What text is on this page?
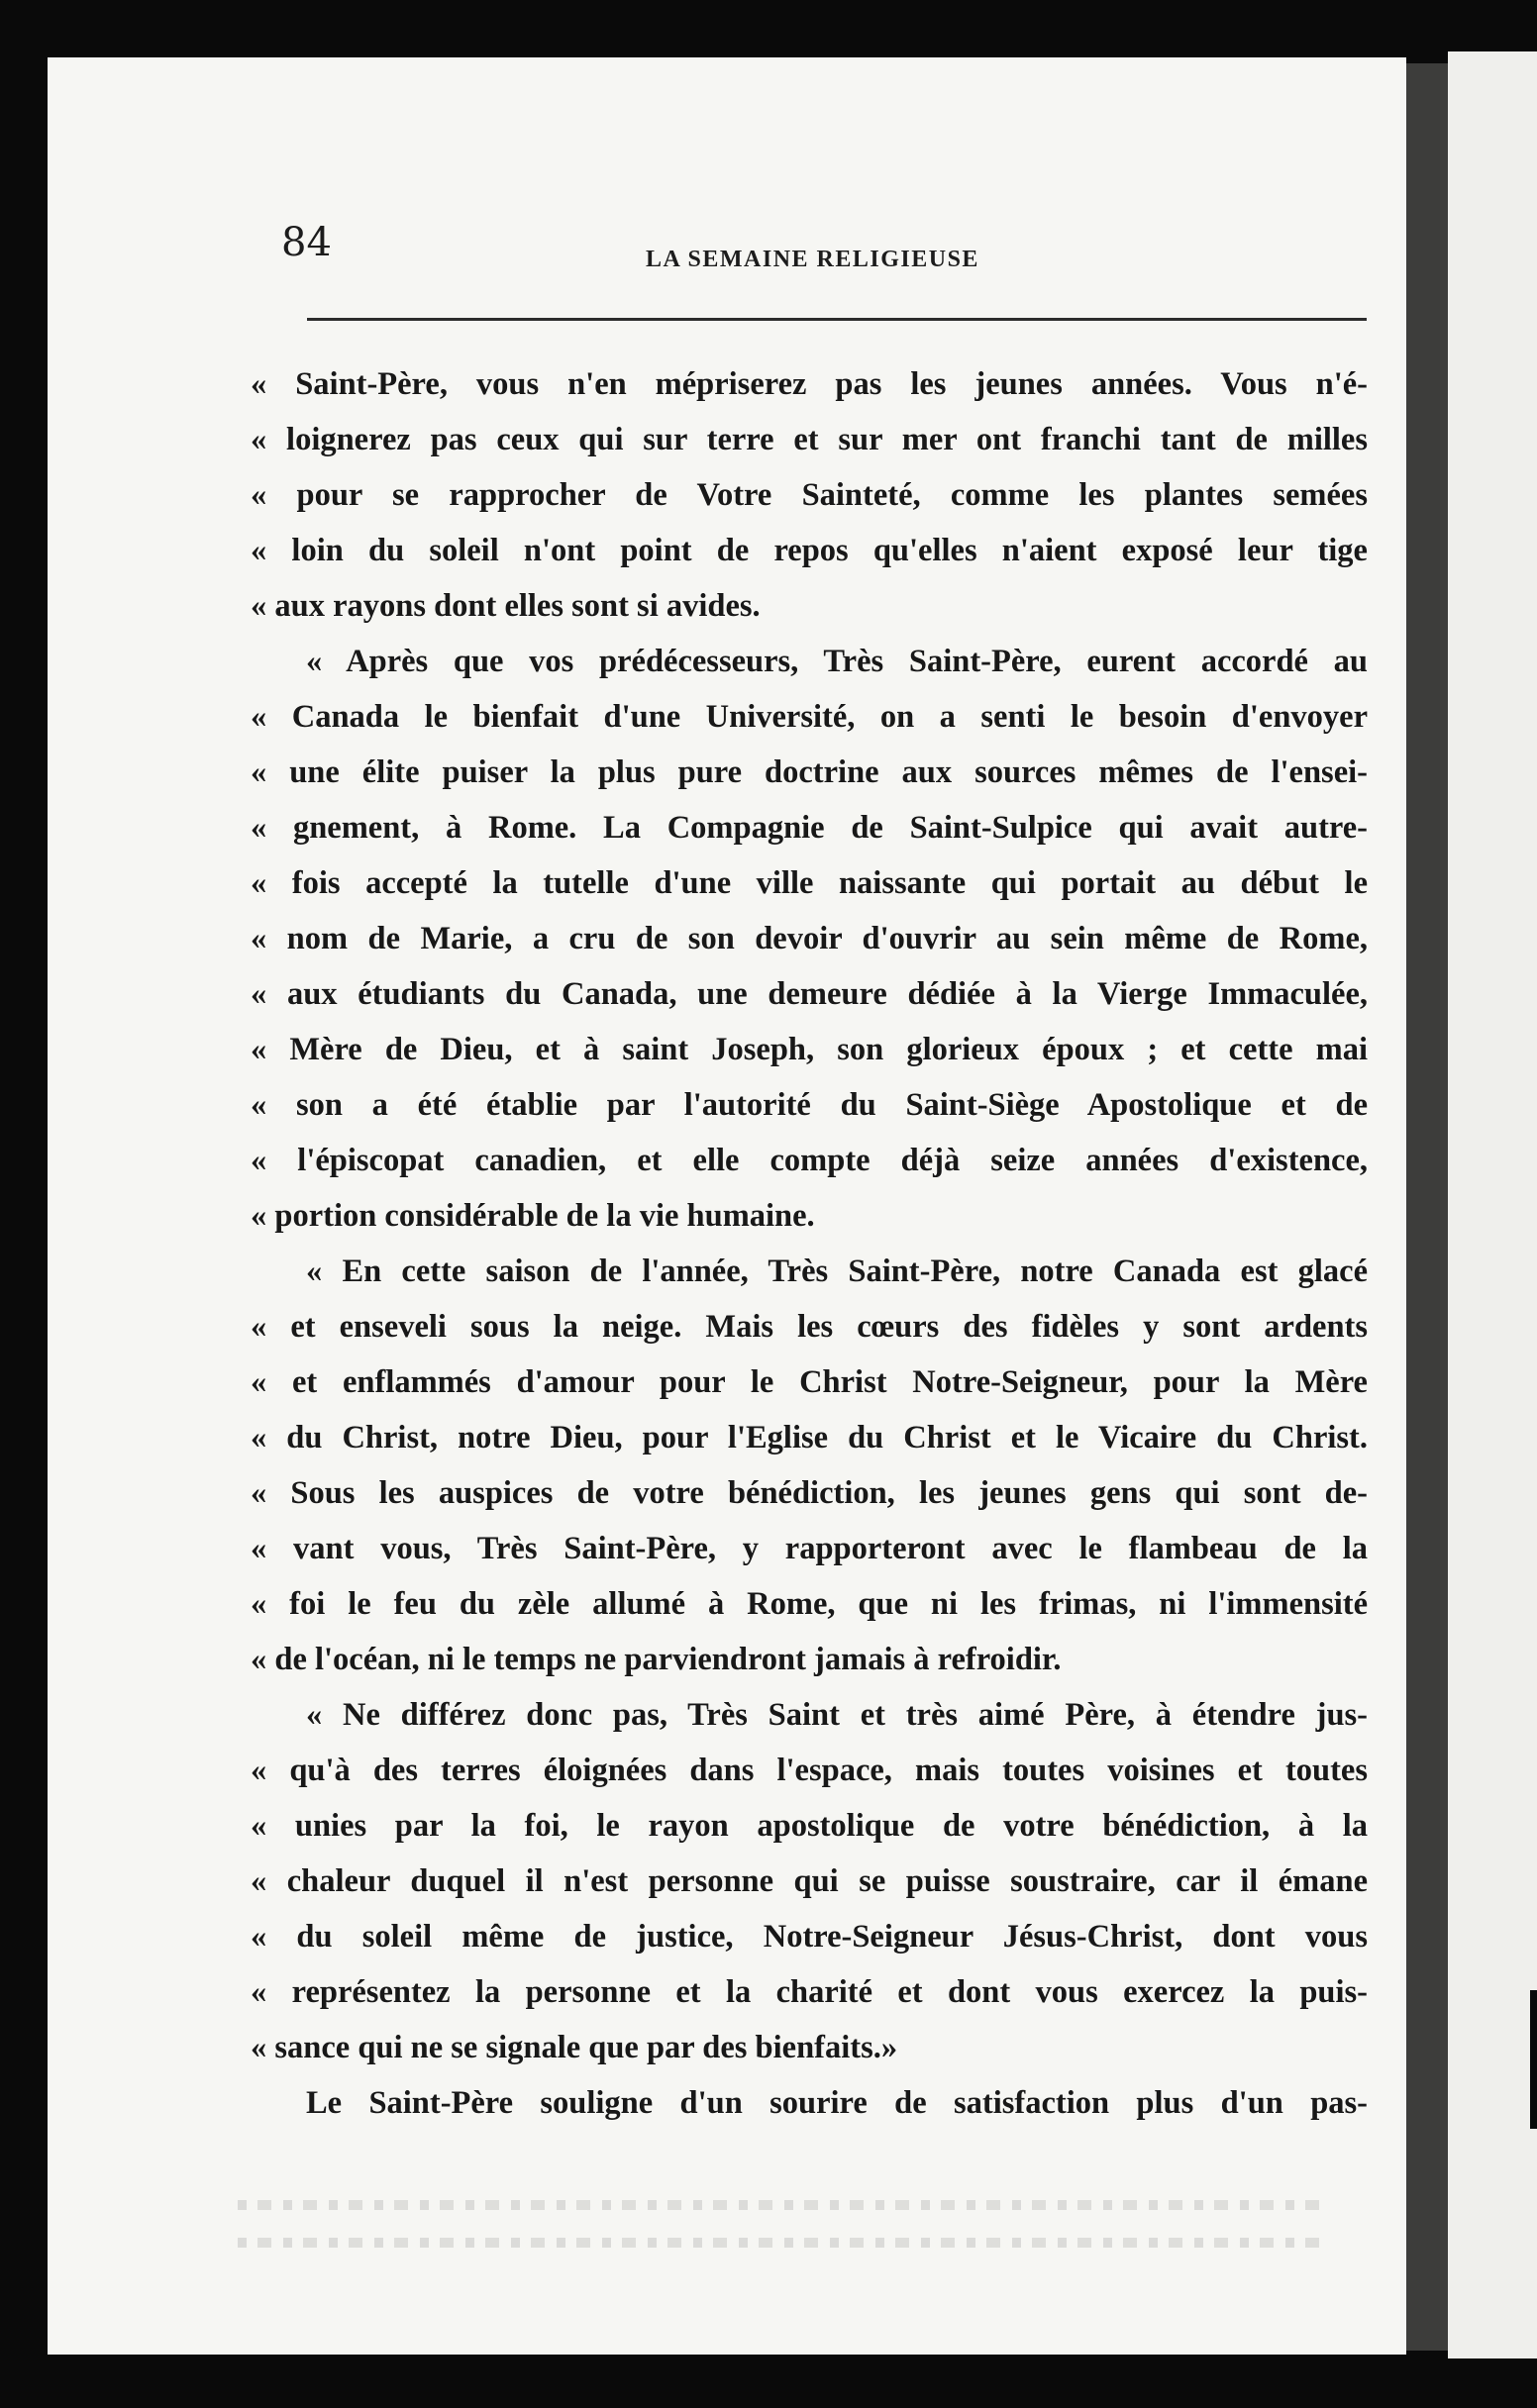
84	LA SEMAINE RELIGIEUSE
« Saint-Père, vous n'en mépriserez pas les jeunes années. Vous n'é-
« loignerez pas ceux qui sur terre et sur mer ont franchi tant de milles
« pour se rapprocher de Votre Sainteté, comme les plantes semées
« loin du soleil n'ont point de repos qu'elles n'aient exposé leur tige
« aux rayons dont elles sont si avides.
« Après que vos prédécesseurs, Très Saint-Père, eurent accordé au
« Canada le bienfait d'une Université, on a senti le besoin d'envoyer
« une élite puiser la plus pure doctrine aux sources mêmes de l'ensei-
« gnement, à Rome. La Compagnie de Saint-Sulpice qui avait autre-
« fois accepté la tutelle d'une ville naissante qui portait au début le
« nom de Marie, a cru de son devoir d'ouvrir au sein même de Rome,
« aux étudiants du Canada, une demeure dédiée à la Vierge Immaculée,
« Mère de Dieu, et à saint Joseph, son glorieux époux ; et cette mai
« son a été établie par l'autorité du Saint-Siège Apostolique et de
« l'épiscopat canadien, et elle compte déjà seize années d'existence,
« portion considérable de la vie humaine.
« En cette saison de l'année, Très Saint-Père, notre Canada est glacé
« et enseveli sous la neige. Mais les cœurs des fidèles y sont ardents
« et enflammés d'amour pour le Christ Notre-Seigneur, pour la Mère
« du Christ, notre Dieu, pour l'Eglise du Christ et le Vicaire du Christ.
« Sous les auspices de votre bénédiction, les jeunes gens qui sont de-
« vant vous, Très Saint-Père, y rapporteront avec le flambeau de la
« foi le feu du zèle allumé à Rome, que ni les frimas, ni l'immensité
« de l'océan, ni le temps ne parviendront jamais à refroidir.
« Ne différez donc pas, Très Saint et très aimé Père, à étendre jus-
« qu'à des terres éloignées dans l'espace, mais toutes voisines et toutes
« unies par la foi, le rayon apostolique de votre bénédiction, à la
« chaleur duquel il n'est personne qui se puisse soustraire, car il émane
« du soleil même de justice, Notre-Seigneur Jésus-Christ, dont vous
« représentez la personne et la charité et dont vous exercez la puis-
« sance qui ne se signale que par des bienfaits.»
Le Saint-Père souligne d'un sourire de satisfaction plus d'un pas-
